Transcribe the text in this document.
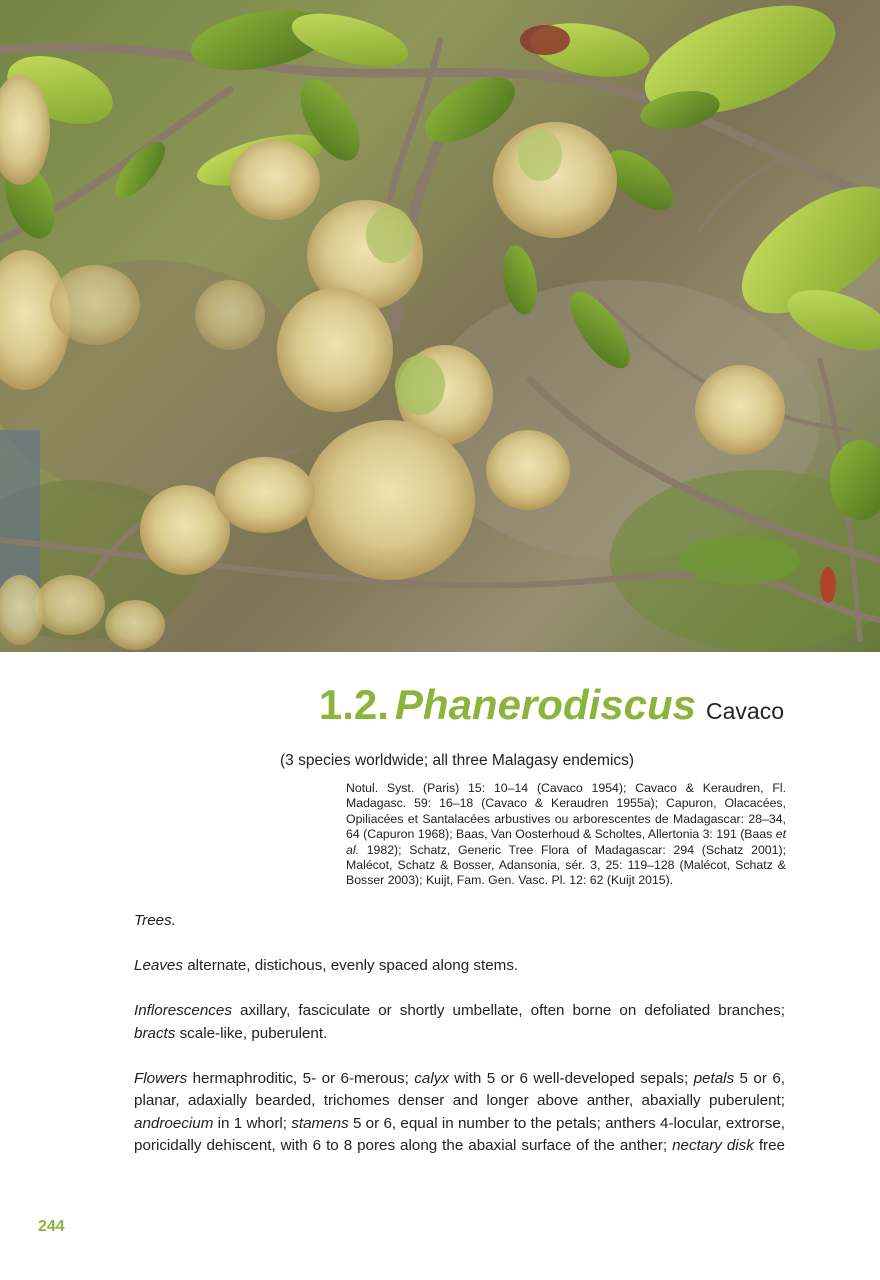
1.2. Phanerodiscus Cavaco
(3 species worldwide; all three Malagasy endemics)
Notul. Syst. (Paris) 15: 10–14 (Cavaco 1954); Cavaco & Keraudren, Fl. Madagasc. 59: 16–18 (Cavaco & Keraudren 1955a); Capuron, Olacacées, Opiliacées et Santalacées arbustives ou arborescentes de Madagascar: 28–34, 64 (Capuron 1968); Baas, Van Oosterhoud & Scholtes, Allertonia 3: 191 (Baas et al. 1982); Schatz, Generic Tree Flora of Madagascar: 294 (Schatz 2001); Malécot, Schatz & Bosser, Adansonia, sér. 3, 25: 119–128 (Malécot, Schatz & Bosser 2003); Kuijt, Fam. Gen. Vasc. Pl. 12: 62 (Kuijt 2015).

Trees.

Leaves alternate, distichous, evenly spaced along stems.

Inflorescences axillary, fasciculate or shortly umbellate, often borne on defoliated branches; bracts scale-like, puberulent.

Flowers hermaphroditic, 5- or 6-merous; calyx with 5 or 6 well-developed sepals; petals 5 or 6, planar, adaxially bearded, trichomes denser and longer above anther, abaxially puberulent; androecium in 1 whorl; stamens 5 or 6, equal in number to the petals; anthers 4-locular, extrorse, poricidally dehiscent, with 6 to 8 pores along the abaxial surface of the anther; nectary disk free

244
